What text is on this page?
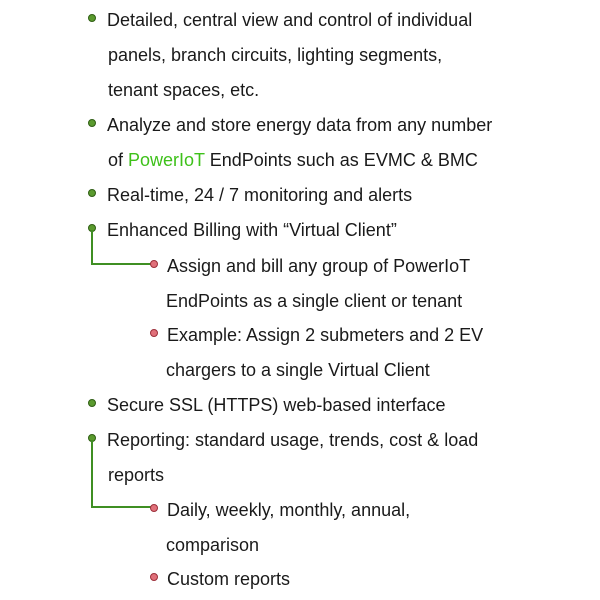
Detailed, central view and control of individual
panels, branch circuits, lighting segments,
tenant spaces, etc.
Analyze and store energy data from any number
of PowerIoT EndPoints such as EVMC & BMC
Real-time, 24 / 7 monitoring and alerts
Enhanced Billing with “Virtual Client”
Assign and bill any group of PowerIoT
EndPoints as a single client or tenant
Example: Assign 2 submeters and 2 EV
chargers to a single Virtual Client
Secure SSL (HTTPS) web-based interface
Reporting: standard usage, trends, cost & load
reports
Daily, weekly, monthly, annual,
comparison
Custom reports
